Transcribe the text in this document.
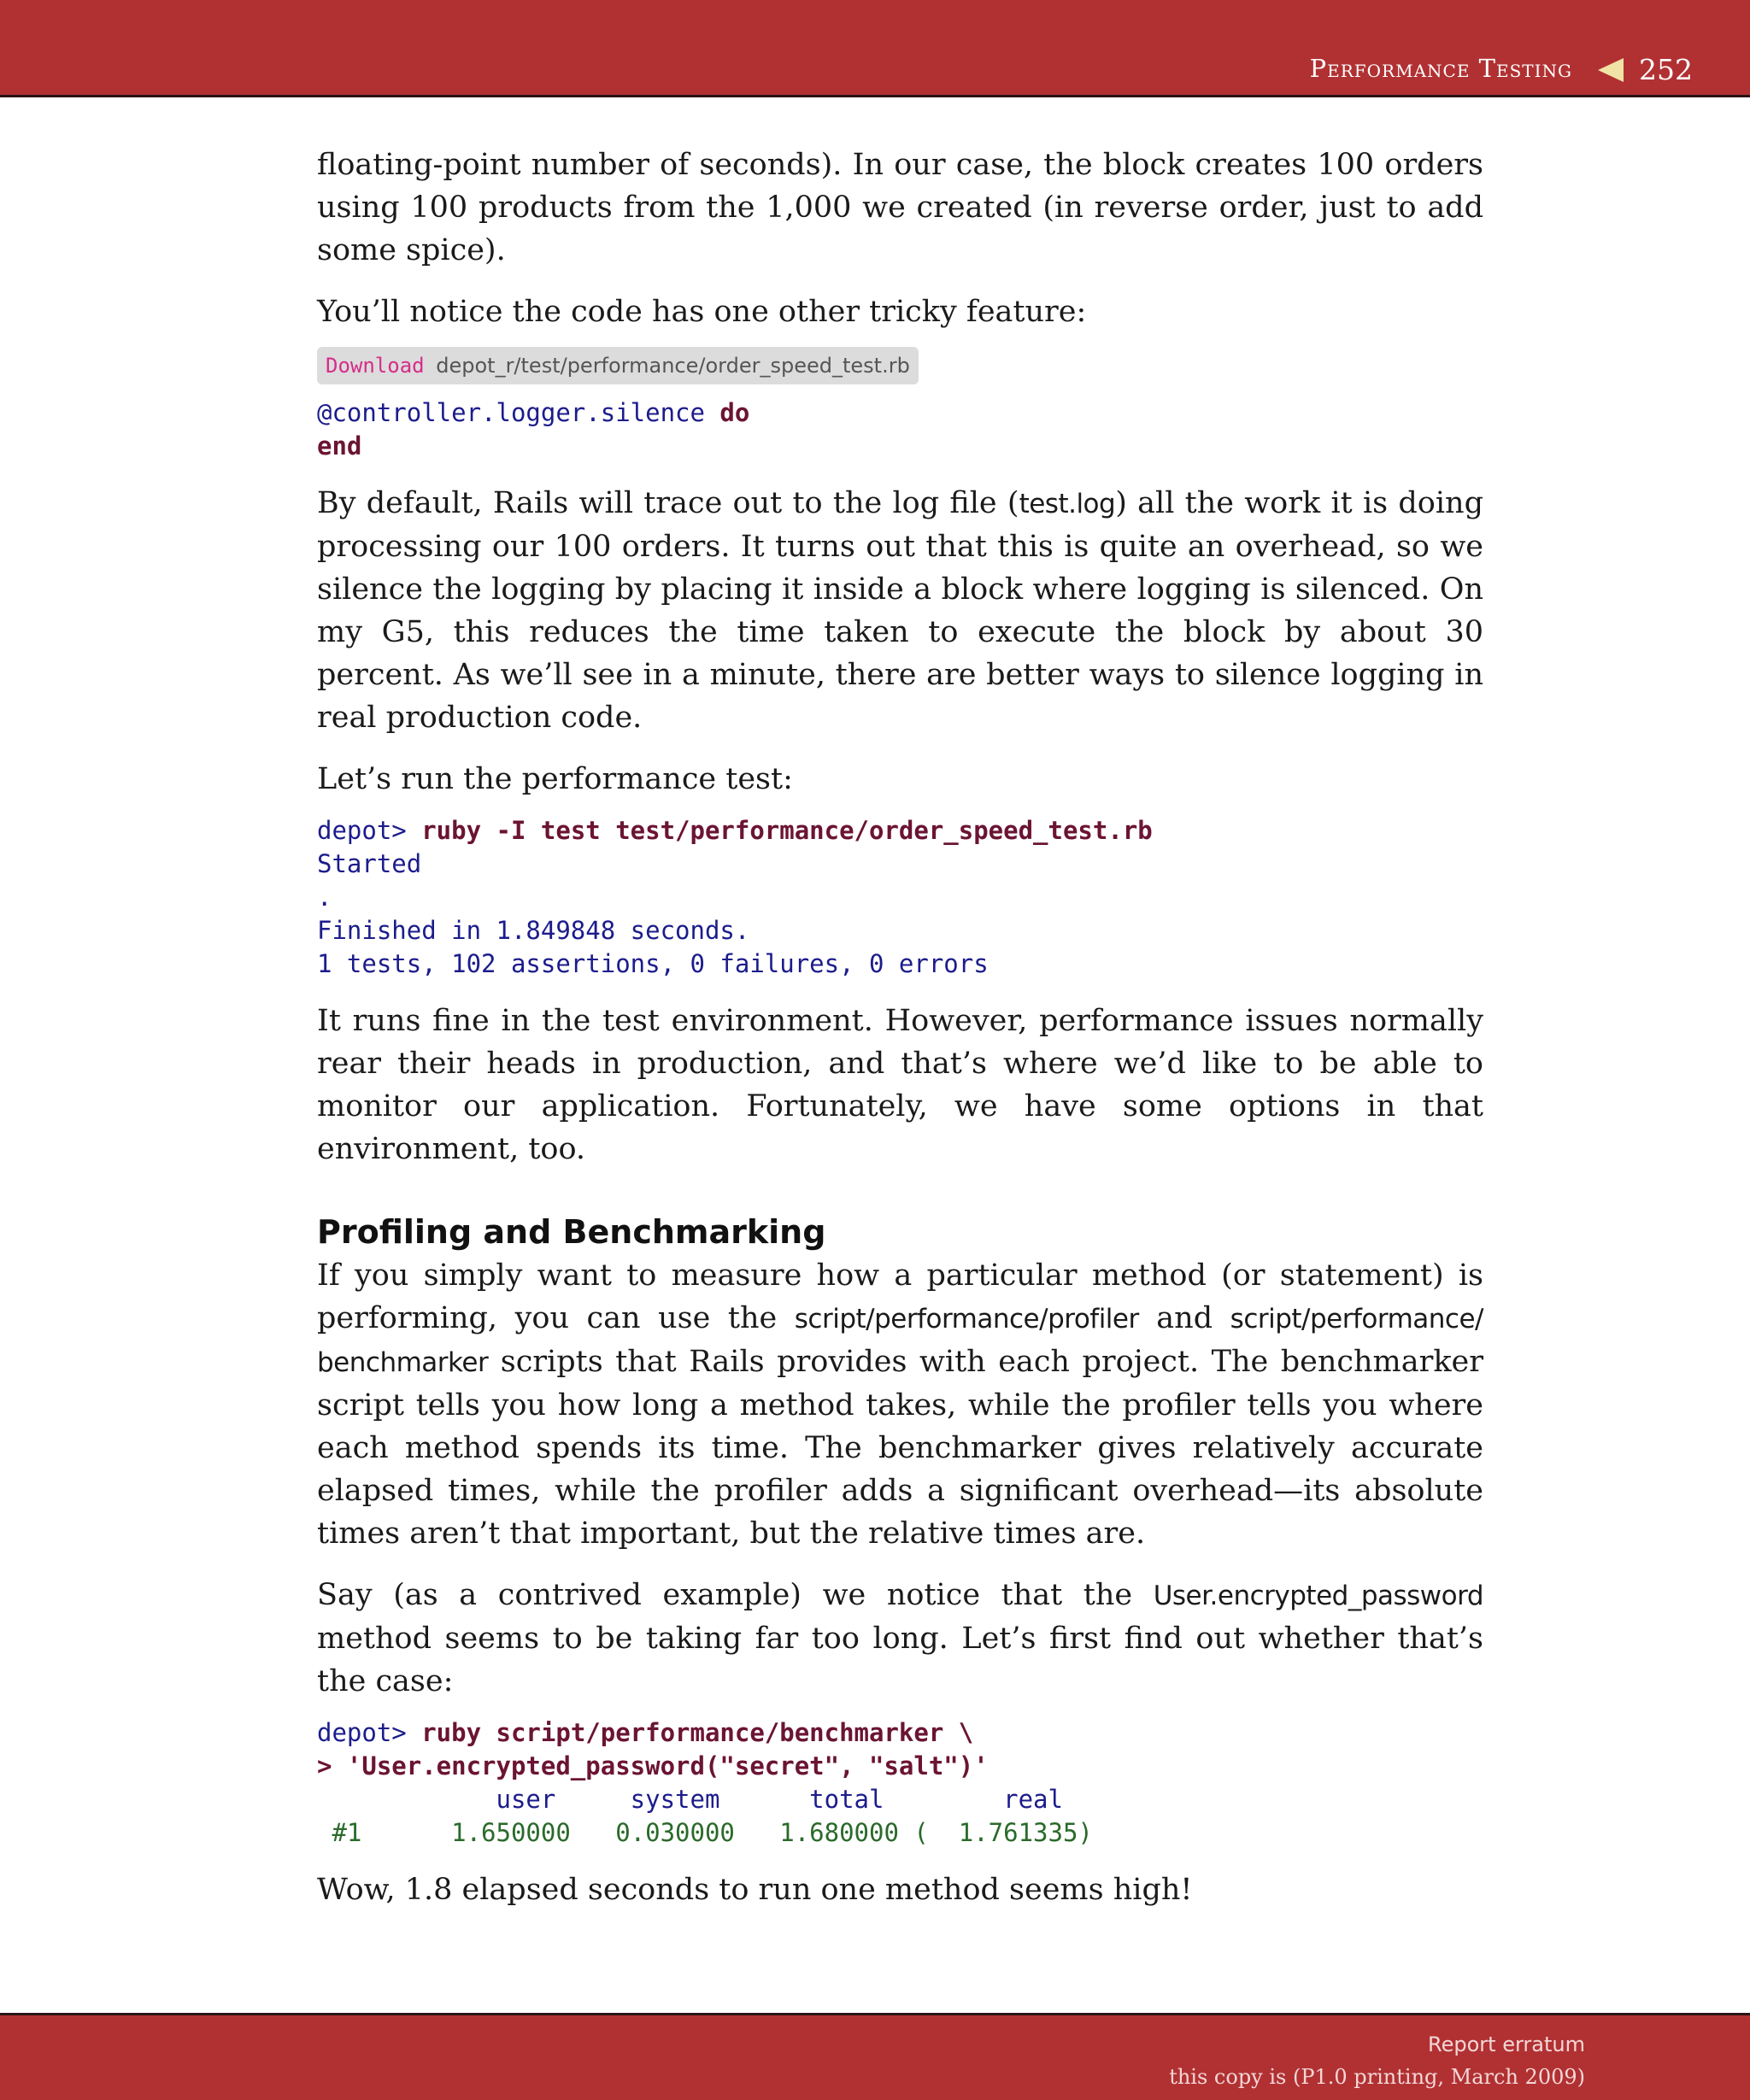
Performance Testing 252

floating-point number of seconds). In our case, the block creates 100 orders using 100 products from the 1,000 we created (in reverse order, just to add some spice).

You’ll notice the code has one other tricky feature:

Download depot_r/test/performance/order_speed_test.rb
@controller.logger.silence do
end

By default, Rails will trace out to the log file (test.log) all the work it is doing processing our 100 orders. It turns out that this is quite an overhead, so we silence the logging by placing it inside a block where logging is silenced. On my G5, this reduces the time taken to execute the block by about 30 percent. As we’ll see in a minute, there are better ways to silence logging in real production code.

Let’s run the performance test:

depot> ruby -I test test/performance/order_speed_test.rb
Started
.
Finished in 1.849848 seconds.
1 tests, 102 assertions, 0 failures, 0 errors

It runs fine in the test environment. However, performance issues normally rear their heads in production, and that’s where we’d like to be able to monitor our application. Fortunately, we have some options in that environment, too.

Profiling and Benchmarking

If you simply want to measure how a particular method (or statement) is performing, you can use the script/performance/profiler and script/performance/ benchmarker scripts that Rails provides with each project. The benchmarker script tells you how long a method takes, while the profiler tells you where each method spends its time. The benchmarker gives relatively accurate elapsed times, while the profiler adds a significant overhead—its absolute times aren’t that important, but the relative times are.

Say (as a contrived example) we notice that the User.encrypted_password method seems to be taking far too long. Let’s first find out whether that’s the case:

depot> ruby script/performance/benchmarker \
> 'User.encrypted_password("secret", "salt")'
user     system      total        real
#1      1.650000   0.030000   1.680000 (  1.761335)

Wow, 1.8 elapsed seconds to run one method seems high!

Report erratum
this copy is (P1.0 printing, March 2009)
